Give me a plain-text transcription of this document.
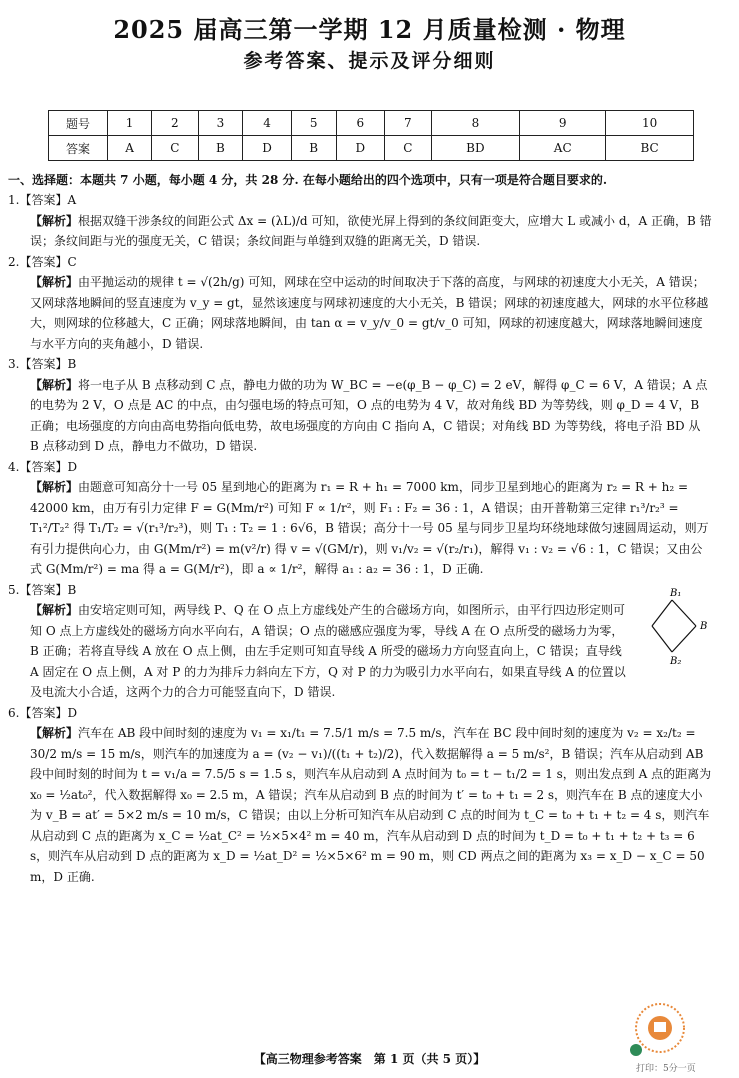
2025 届高三第一学期 12 月质量检测 · 物理
参考答案、提示及评分细则
题号	1	2	3	4	5	6	7	8	9	10
答案	A	C	B	D	B	D	C	BD	AC	BC
一、选择题：本题共 7 小题，每小题 4 分，共 28 分. 在每小题给出的四个选项中，只有一项是符合题目要求的.

1.【答案】A

【解析】根据双缝干涉条纹的间距公式 Δx = (λL)/d 可知，欲使光屏上得到的条纹间距变大，应增大 L 或减小 d，A 正确，B 错误；条纹间距与光的强度无关，C 错误；条纹间距与单缝到双缝的距离无关，D 错误.

2.【答案】C

【解析】由平抛运动的规律 t = √(2h/g) 可知，网球在空中运动的时间取决于下落的高度，与网球的初速度大小无关，A 错误；又网球落地瞬间的竖直速度为 v_y = gt，显然该速度与网球初速度的大小无关，B 错误；网球的初速度越大，网球的水平位移越大，则网球的位移越大，C 正确；网球落地瞬间，由 tan α = v_y/v_0 = gt/v_0 可知，网球的初速度越大，网球落地瞬间速度与水平方向的夹角越小，D 错误.

3.【答案】B

【解析】将一电子从 B 点移动到 C 点，静电力做的功为 W_BC = −e(φ_B − φ_C) = 2 eV，解得 φ_C = 6 V，A 错误；A 点的电势为 2 V，O 点是 AC 的中点，由匀强电场的特点可知，O 点的电势为 4 V，故对角线 BD 为等势线，则 φ_D = 4 V，B 正确；电场强度的方向由高电势指向低电势，故电场强度的方向由 C 指向 A，C 错误；对角线 BD 为等势线，将电子沿 BD 从 B 点移动到 D 点，静电力不做功，D 错误.

4.【答案】D

【解析】由题意可知高分十一号 05 星到地心的距离为 r₁ = R + h₁ = 7000 km，同步卫星到地心的距离为 r₂ = R + h₂ = 42000 km，由万有引力定律 F = G(Mm/r²) 可知 F ∝ 1/r²，则 F₁ : F₂ = 36 : 1，A 错误；由开普勒第三定律 r₁³/r₂³ = T₁²/T₂² 得 T₁/T₂ = √(r₁³/r₂³)，则 T₁ : T₂ = 1 : 6√6，B 错误；高分十一号 05 星与同步卫星均环绕地球做匀速圆周运动，则万有引力提供向心力，由 G(Mm/r²) = m(v²/r) 得 v = √(GM/r)，则 v₁/v₂ = √(r₂/r₁)，解得 v₁ : v₂ = √6 : 1，C 错误；又由公式 G(Mm/r²) = ma 得 a = G(M/r²)，即 a ∝ 1/r²，解得 a₁ : a₂ = 36 : 1，D 正确.

5.【答案】B

【解析】由安培定则可知，两导线 P、Q 在 O 点上方虚线处产生的合磁场方向，如图所示，由平行四边形定则可知 O 点上方虚线处的磁场方向水平向右，A 错误；O 点的磁感应强度为零，导线 A 在 O 点所受的磁场力为零，B 正确；若将直导线 A 放在 O 点上侧，由左手定则可知直导线 A 所受的磁场力方向竖直向上，C 错误；直导线 A 固定在 O 点上侧，A 对 P 的力为排斥力斜向左下方，Q 对 P 的力为吸引力水平向右，如果直导线 A 的位置以及电流大小合适，这两个力的合力可能竖直向下，D 错误.

B₁
B
B₂

6.【答案】D

【解析】汽车在 AB 段中间时刻的速度为 v₁ = x₁/t₁ = 7.5/1 m/s = 7.5 m/s，汽车在 BC 段中间时刻的速度为 v₂ = x₂/t₂ = 30/2 m/s = 15 m/s，则汽车的加速度为 a = (v₂ − v₁)/((t₁ + t₂)/2)，代入数据解得 a = 5 m/s²，B 错误；汽车从启动到 AB 段中间时刻的时间为 t = v₁/a = 7.5/5 s = 1.5 s，则汽车从启动到 A 点时间为 t₀ = t − t₁/2 = 1 s，则出发点到 A 点的距离为 x₀ = ½at₀²，代入数据解得 x₀ = 2.5 m，A 错误；汽车从启动到 B 点的时间为 t′ = t₀ + t₁ = 2 s，则汽车在 B 点的速度大小为 v_B = at′ = 5×2 m/s = 10 m/s，C 错误；由以上分析可知汽车从启动到 C 点的时间为 t_C = t₀ + t₁ + t₂ = 4 s，则汽车从启动到 C 点的距离为 x_C = ½at_C² = ½×5×4² m = 40 m，汽车从启动到 D 点的时间为 t_D = t₀ + t₁ + t₂ + t₃ = 6 s，则汽车从启动到 D 点的距离为 x_D = ½at_D² = ½×5×6² m = 90 m，则 CD 两点之间的距离为 x₃ = x_D − x_C = 50 m，D 正确.

【高三物理参考答案　第 1 页（共 5 页）】
打印：5分一页
